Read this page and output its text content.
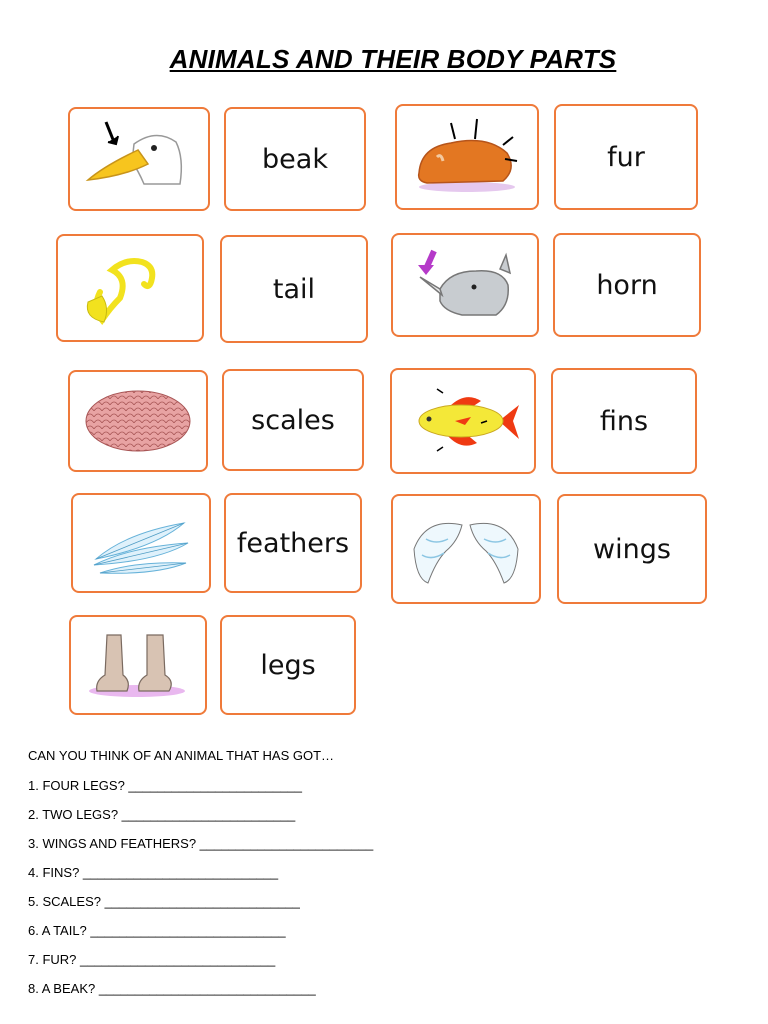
ANIMALS AND THEIR BODY PARTS
beak	fur
tail	horn
scales	fins
feathers	wings
legs
CAN YOU THINK OF AN ANIMAL THAT HAS GOT…
1. FOUR LEGS? ________________________
2. TWO LEGS? ________________________
3. WINGS AND FEATHERS? ________________________
4. FINS? ___________________________
5. SCALES? ___________________________
6. A TAIL? ___________________________
7. FUR? ___________________________
8. A BEAK? ______________________________
